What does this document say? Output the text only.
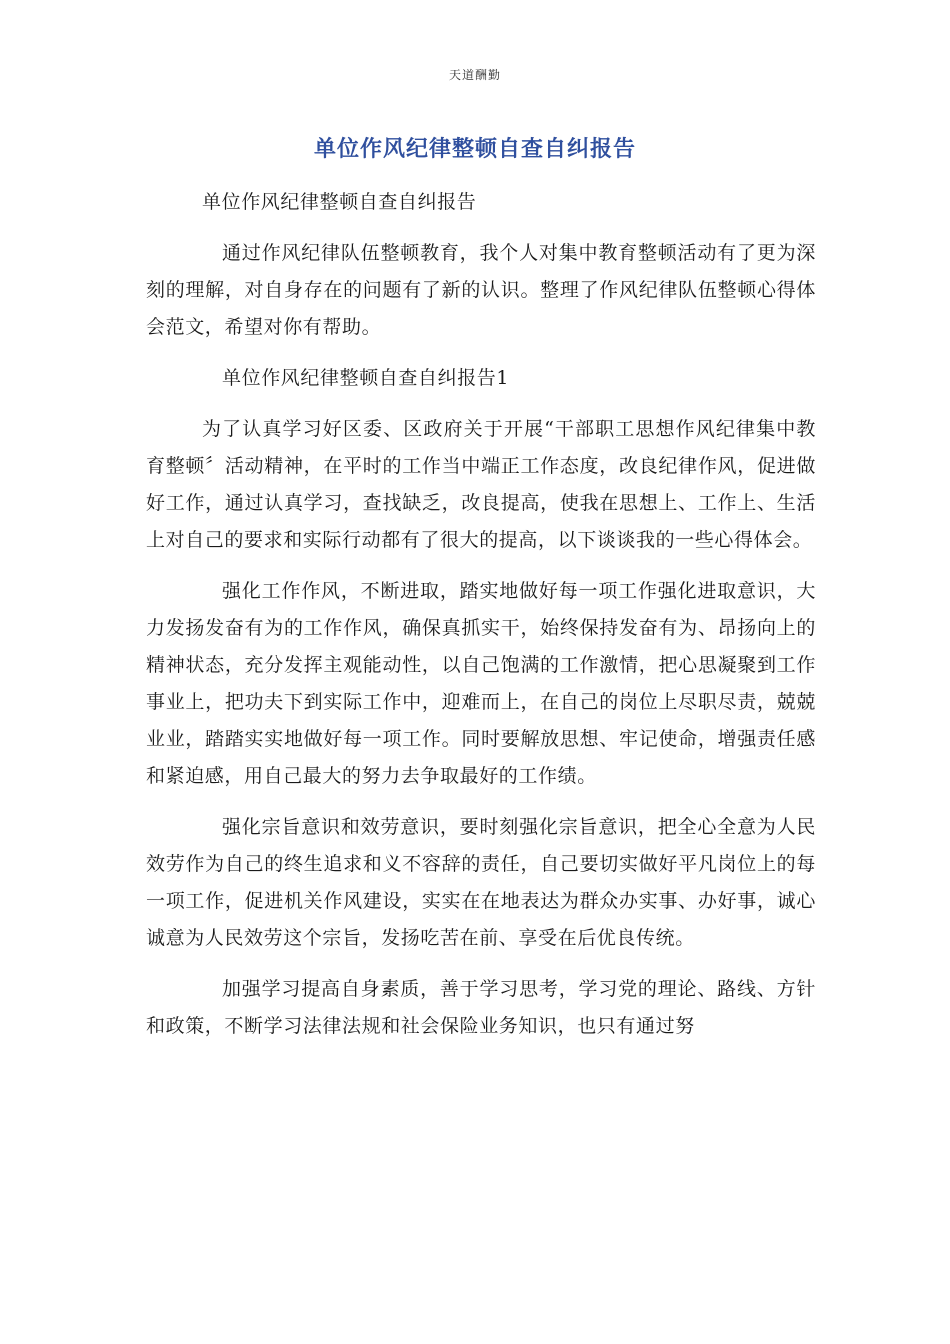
天道酬勤
单位作风纪律整顿自查自纠报告

单位作风纪律整顿自查自纠报告

通过作风纪律队伍整顿教育，我个人对集中教育整顿活动有了更为深刻的理解，对自身存在的问题有了新的认识。整理了作风纪律队伍整顿心得体会范文，希望对你有帮助。

单位作风纪律整顿自查自纠报告1

为了认真学习好区委、区政府关于开展“干部职工思想作风纪律集中教育整顿〞活动精神，在平时的工作当中端正工作态度，改良纪律作风，促进做好工作，通过认真学习，查找缺乏，改良提高，使我在思想上、工作上、生活上对自己的要求和实际行动都有了很大的提高，以下谈谈我的一些心得体会。

强化工作作风，不断进取，踏实地做好每一项工作强化进取意识，大力发扬发奋有为的工作作风，确保真抓实干，始终保持发奋有为、昂扬向上的精神状态，充分发挥主观能动性，以自己饱满的工作激情，把心思凝聚到工作事业上，把功夫下到实际工作中，迎难而上，在自己的岗位上尽职尽责，兢兢业业，踏踏实实地做好每一项工作。同时要解放思想、牢记使命，增强责任感和紧迫感，用自己最大的努力去争取最好的工作绩。

强化宗旨意识和效劳意识，要时刻强化宗旨意识，把全心全意为人民效劳作为自己的终生追求和义不容辞的责任，自己要切实做好平凡岗位上的每一项工作，促进机关作风建设，实实在在地表达为群众办实事、办好事，诚心诚意为人民效劳这个宗旨，发扬吃苦在前、享受在后优良传统。

加强学习提高自身素质，善于学习思考，学习党的理论、路线、方针和政策，不断学习法律法规和社会保险业务知识，也只有通过努
